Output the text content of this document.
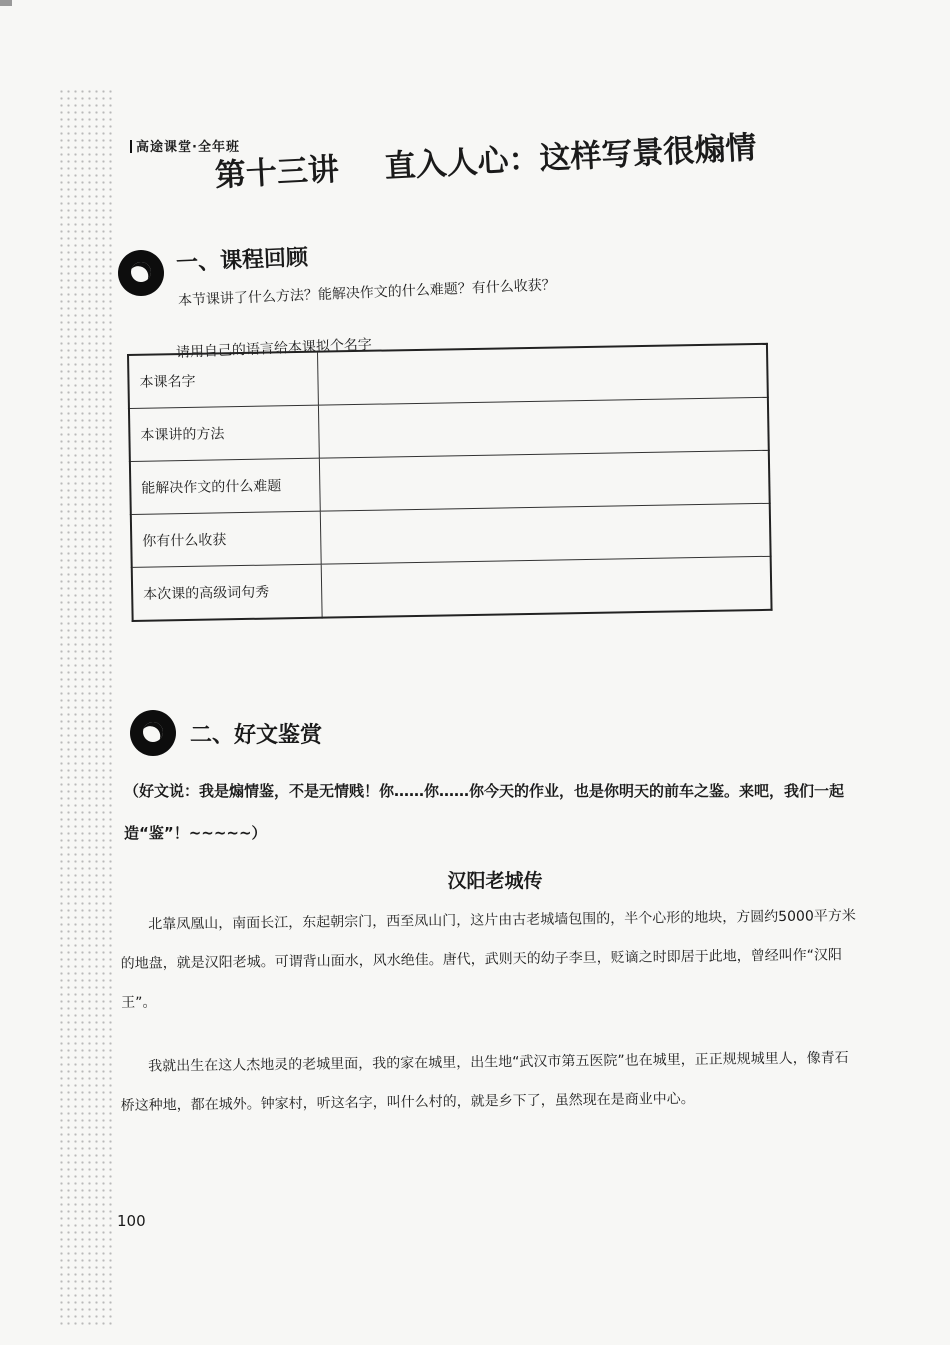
高途课堂·全年班
第十三讲 直入人心：这样写景很煽情
一、课程回顾
本节课讲了什么方法？能解决作文的什么难题？有什么收获？
请用自己的语言给本课拟个名字
本课名字	
本课讲的方法	
能解决作文的什么难题	
你有什么收获	
本次课的高级词句秀	
二、好文鉴赏
（好文说：我是煽情鉴，不是无情贱！你……你……你今天的作业，也是你明天的前车之鉴。来吧，我们一起造“鉴”！~~~~~）
汉阳老城传
北靠凤凰山，南面长江，东起朝宗门，西至凤山门，这片由古老城墙包围的，半个心形的地块，方圆约5000平方米的地盘，就是汉阳老城。可谓背山面水，风水绝佳。唐代，武则天的幼子李旦，贬谪之时即居于此地，曾经叫作“汉阳王”。
我就出生在这人杰地灵的老城里面，我的家在城里，出生地“武汉市第五医院”也在城里，正正规规城里人，像青石桥这种地，都在城外。钟家村，听这名字，叫什么村的，就是乡下了，虽然现在是商业中心。
100
